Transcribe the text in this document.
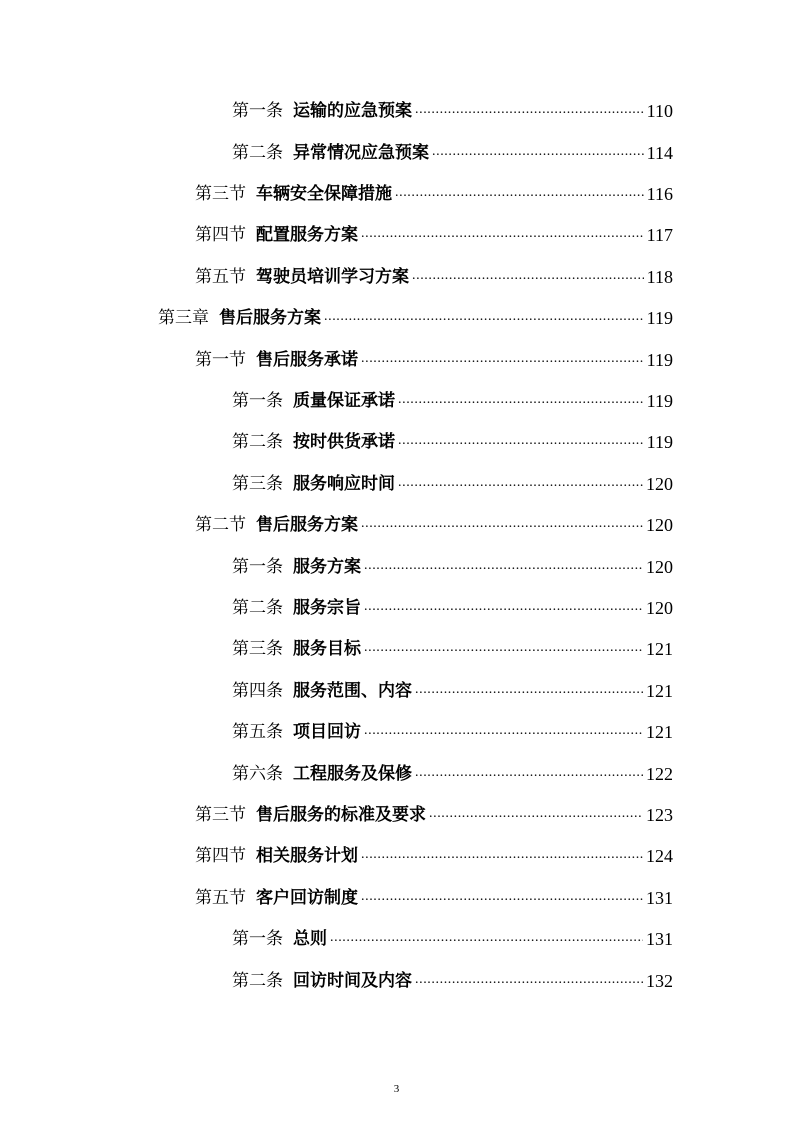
第一条 运输的应急预案 .....	110
第二条 异常情况应急预案 .....	114
第三节 车辆安全保障措施 .....	116
第四节 配置服务方案 .....	117
第五节 驾驶员培训学习方案 .....	118
第三章 售后服务方案 .....	119
第一节 售后服务承诺 .....	119
第一条 质量保证承诺 .....	119
第二条 按时供货承诺 .....	119
第三条 服务响应时间 .....	120
第二节 售后服务方案 .....	120
第一条 服务方案 .....	120
第二条 服务宗旨 .....	120
第三条 服务目标 .....	121
第四条 服务范围、内容 .....	121
第五条 项目回访 .....	121
第六条 工程服务及保修 .....	122
第三节 售后服务的标准及要求 .....	123
第四节 相关服务计划 .....	124
第五节 客户回访制度 .....	131
第一条 总则 .....	131
第二条 回访时间及内容 .....	132
3
